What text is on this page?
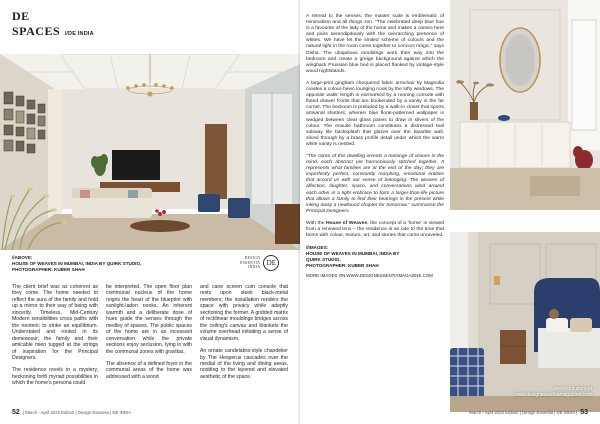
DE
SPACES //DE INDIA
//ABOVE:
HOUSE OF WEAVES IN MUMBAI, INDIA BY QUIRK STUDIO,
PHOTOGRAPHER: KUBER SHAH
DESIGN
ESSENTIA
INDIA
DE

The client brief was as coherent as they come. The home needed to reflect the aura of the family and hold up a mirror to their way of being with sincerity. Timeless, Mid-Century Modern sensibilities cross paths with the neoteric to strike an equilibrium. Understated and rooted in its demeanour, the family and their amicable mien tugged at the strings of inspiration for the Principal Designers.

The residence revels in a mystery, beckoning forth myriad possibilities in which the home's persona could

be interpreted. The open floor plan communal nucleus of the home reigns the heart of the blueprint with sunlight-laden nooks. An inherent warmth and a deliberate dose of hues guide the senses through the medley of spaces. The public spaces of the home are in an incessant conversation while the private sections enjoy seclusion, tying in with the communal zones with gravitas.

The absence of a defined foyer in the communal areas of the home was addressed with a wood

and cane screen cum console that rests upon sleek black-metal members; the installation renders the space with privacy while adeptly sectioning the former. A gridded matrix of rectilinear mouldings bridges across the ceiling's canvas and blankets the volume overhead initiating a sense of visual dynamism.

An ornate candelabra-style chandelier by The Hesperus cascades over the medial of the living and dining areas, nodding to the layered and elevated aesthetic of the space.

52 | March - April 2022 Edition | Design Essentia | DE INDIA

A retreat to the senses, the master suite is emblematic of minimalism and all things zen. "The celebrated deep blue hue is a favourite of the lady of the home and makes a cameo here and pairs serendipitously with the overarching presence of whites. We have let the limited scheme of colours and the natural light in the room come together to concoct magic," says Disha. The ubiquitous mouldings work their way into the bedroom and create a greige background against which the wingback Prussian blue bed is placed flanked by vintage-style wood nightstands.

A large-print gingham chequered fabric armchair by Magnolia creates a colour-hewn lounging nook by the lofty windows. The opposite walls' length is earmarked by a running console with fluted drawer fronts that are bookended by a vanity in the far corner. The bedroom is preluded by a walk-in closet that sports artisanal shutters; wherein blue floral-patterned wallpaper is wedged between clear glass panes to draw in slivers of the colour. The ensuite bathroom constitutes a distressed teal subway tile backsplash that glazes over the bipartite wall, sliced through by a brass profile detail under which the warm white vanity is nestled.

"The name of this dwelling invents a melange of visions in the mind, each abstract yet harmoniously stitched together. It represents what families are at the end of the day; they are imperfectly perfect, constantly morphing, emotional entities that accord us with our sense of belonging. The weaves of affection, laughter, space, and conversations wind around each other in a tight embrace to form a larger-than-life picture that allows a family to find their bearings in the present while inking away a newfound chapter for tomorrow," summarise the Principal Designers.

With the House of Weaves, the concept of a 'home' is viewed from a renewed lens – the residence is an ode to the time that brims with colour, texture, art, and stories that come unraveled.

//IMAGES:
HOUSE OF WEAVES IN MUMBAI, INDIA BY
QUIRK STUDIO,
PHOTOGRAPHER: KUBER SHAH
MORE IMAGES ON WWW.DESIGNESSENTIAMAGAZINE.COM
check out story at
www.designessentiamagazine.com
March - April 2022 Edition | Design Essentia | DE INDIA | 53
